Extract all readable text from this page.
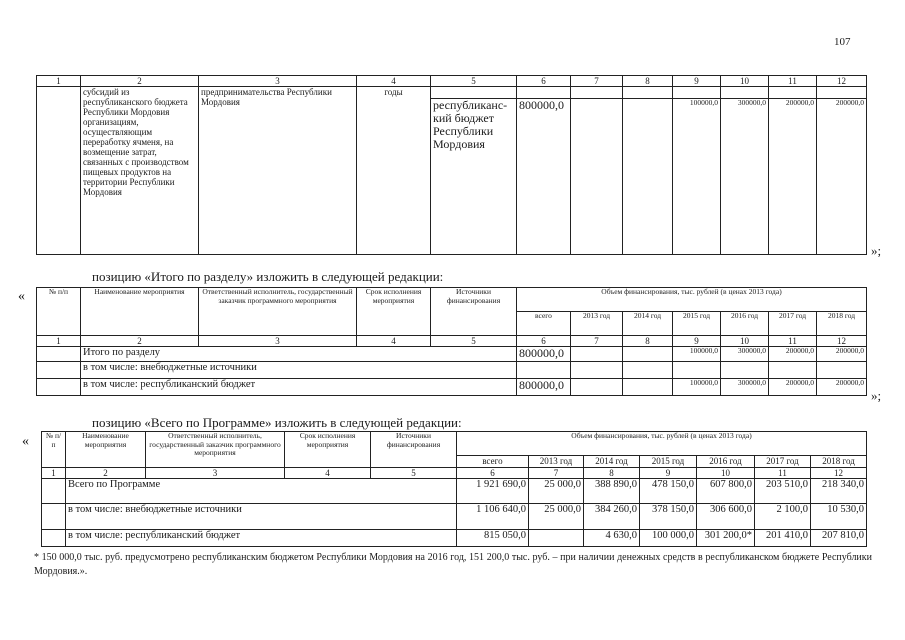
107
1	2	3	4	5	6	7	8	9	10	11	12
	субсидий из республиканского бюджета Республики Мордовия организациям, осуществляющим переработку ячменя, на возмещение затрат, связанных с производством пищевых продуктов на территории Республики Мордовия	предпринимательства Республики Мордовия	годы								
				республиканс-кий бюджет Республики Мордовия	800000,0			100000,0	300000,0	200000,0	200000,0
»;
позицию «Итого по разделу» изложить в следующей редакции:
«	№ п/п	Наименование мероприятия	Ответственный исполнитель, государственный заказчик программного мероприятия	Срок исполнения мероприятия	Источники финансирования	Объем финансирования, тыс. рублей (в ценах 2013 года)						
					всего	2013 год	2014 год	2015 год	2016 год	2017 год	2018 год
1	2	3	4	5	6	7	8	9	10	11	12
	Итого по разделу				800000,0			100000,0	300000,0	200000,0	200000,0
	в том числе: внебюджетные источники										
	в том числе: республиканский бюджет				800000,0			100000,0	300000,0	200000,0	200000,0
»;
позицию «Всего по Программе» изложить в следующей редакции:
« № п/п	Наименование мероприятия	Ответственный исполнитель, государственный заказчик программного мероприятия	Срок исполнения мероприятия	Источники финансирования	Объем финансирования, тыс. рублей (в ценах 2013 года)						
					всего	2013 год	2014 год	2015 год	2016 год	2017 год	2018 год
1	2	3	4	5	6	7	8	9	10	11	12
	Всего по Программе				1 921 690,0	25 000,0	388 890,0	478 150,0	607 800,0	203 510,0	218 340,0
	в том числе: внебюджетные источники				1 106 640,0	25 000,0	384 260,0	378 150,0	306 600,0	2 100,0	10 530,0
	в том числе: республиканский бюджет				815 050,0		4 630,0	100 000,0	301 200,0*	201 410,0	207 810,0
* 150 000,0 тыс. руб. предусмотрено республиканским бюджетом Республики Мордовия на 2016 год, 151 200,0 тыс. руб. – при наличии денежных средств в республиканском бюджете Республики Мордовия.».
